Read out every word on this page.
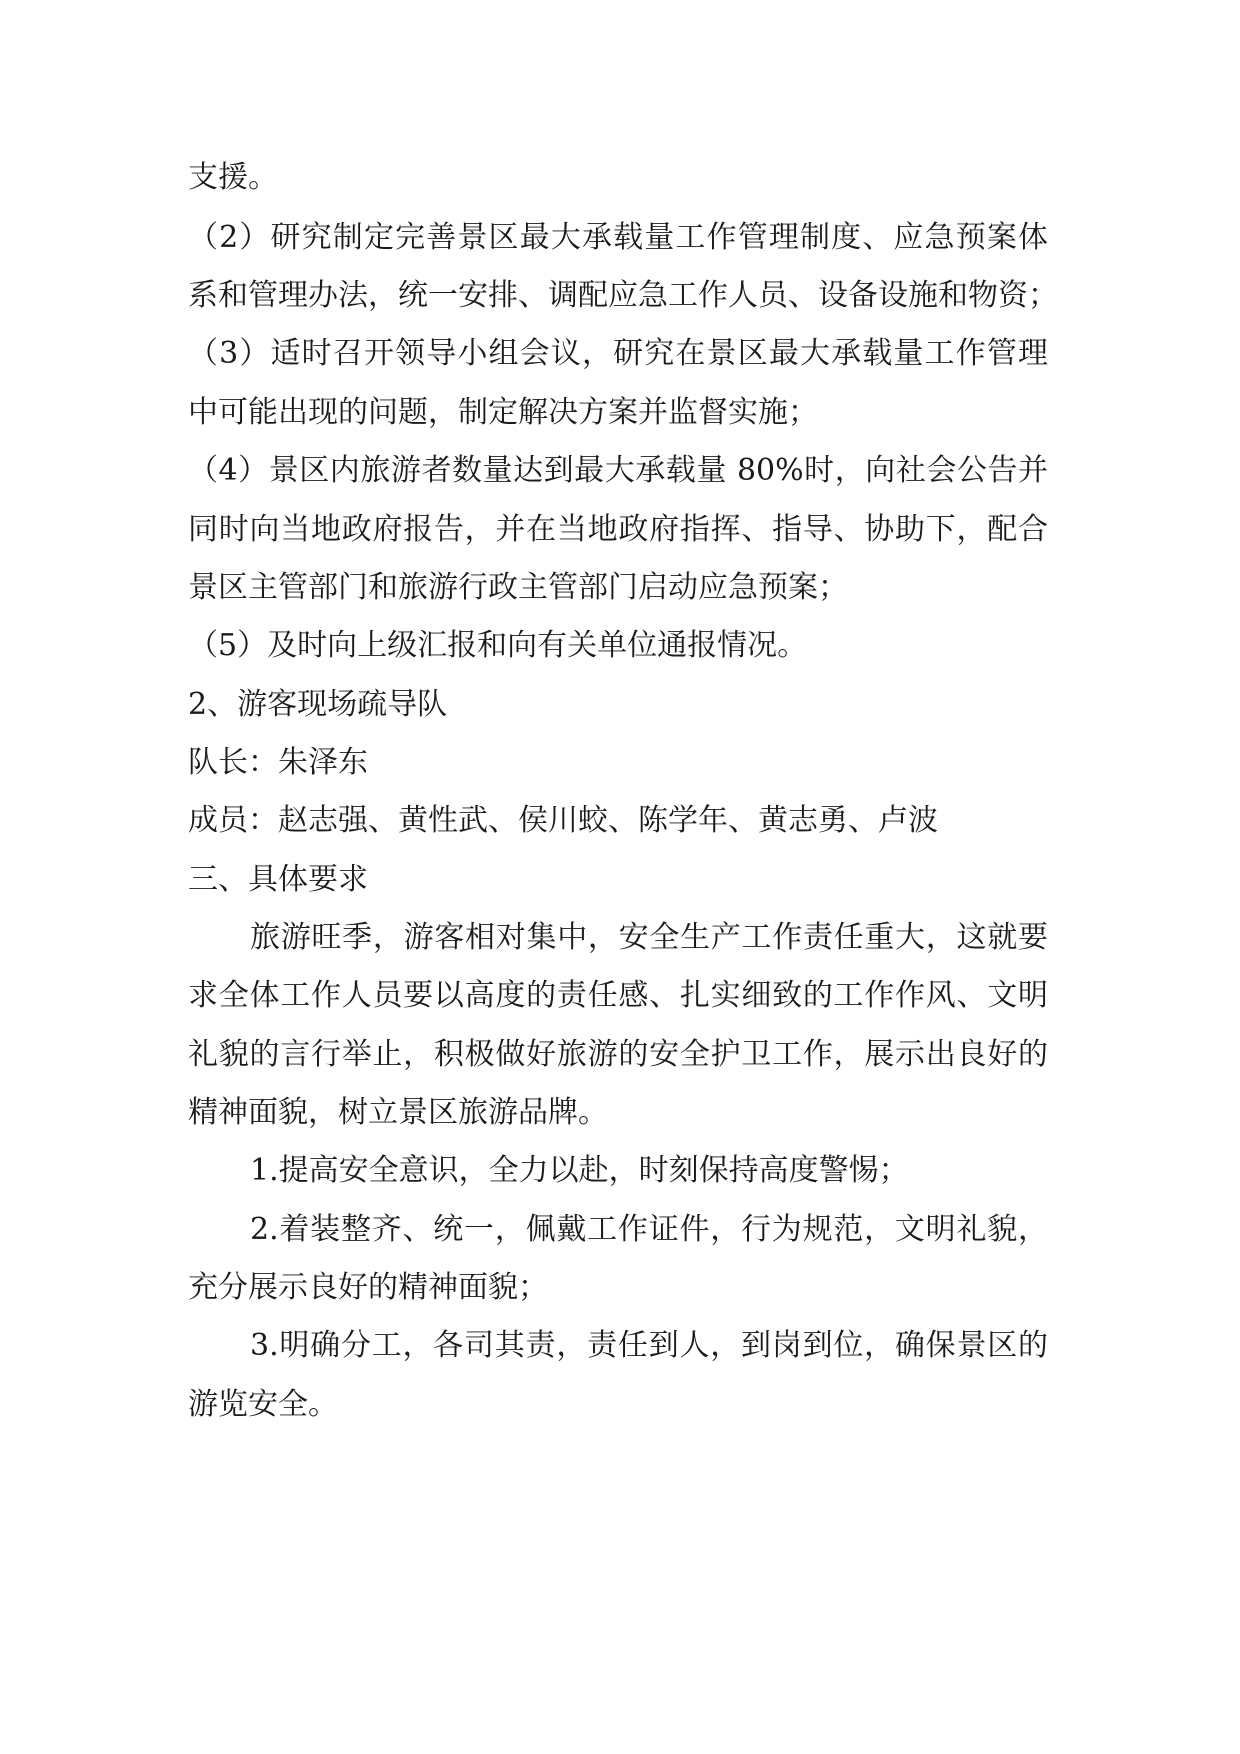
支援。
（2）研究制定完善景区最大承载量工作管理制度、应急预案体
系和管理办法，统一安排、调配应急工作人员、设备设施和物资；
（3）适时召开领导小组会议，研究在景区最大承载量工作管理
中可能出现的问题，制定解决方案并监督实施；
（4）景区内旅游者数量达到最大承载量 80%时，向社会公告并
同时向当地政府报告，并在当地政府指挥、指导、协助下，配合
景区主管部门和旅游行政主管部门启动应急预案；
（5）及时向上级汇报和向有关单位通报情况。
2、游客现场疏导队
队长：朱泽东
成员：赵志强、黄性武、侯川蛟、陈学年、黄志勇、卢波
三、具体要求
旅游旺季，游客相对集中，安全生产工作责任重大，这就要
求全体工作人员要以高度的责任感、扎实细致的工作作风、文明
礼貌的言行举止，积极做好旅游的安全护卫工作，展示出良好的
精神面貌，树立景区旅游品牌。
1.提高安全意识，全力以赴，时刻保持高度警惕；
2.着装整齐、统一，佩戴工作证件，行为规范，文明礼貌，
充分展示良好的精神面貌；
3.明确分工，各司其责，责任到人，到岗到位，确保景区的
游览安全。
